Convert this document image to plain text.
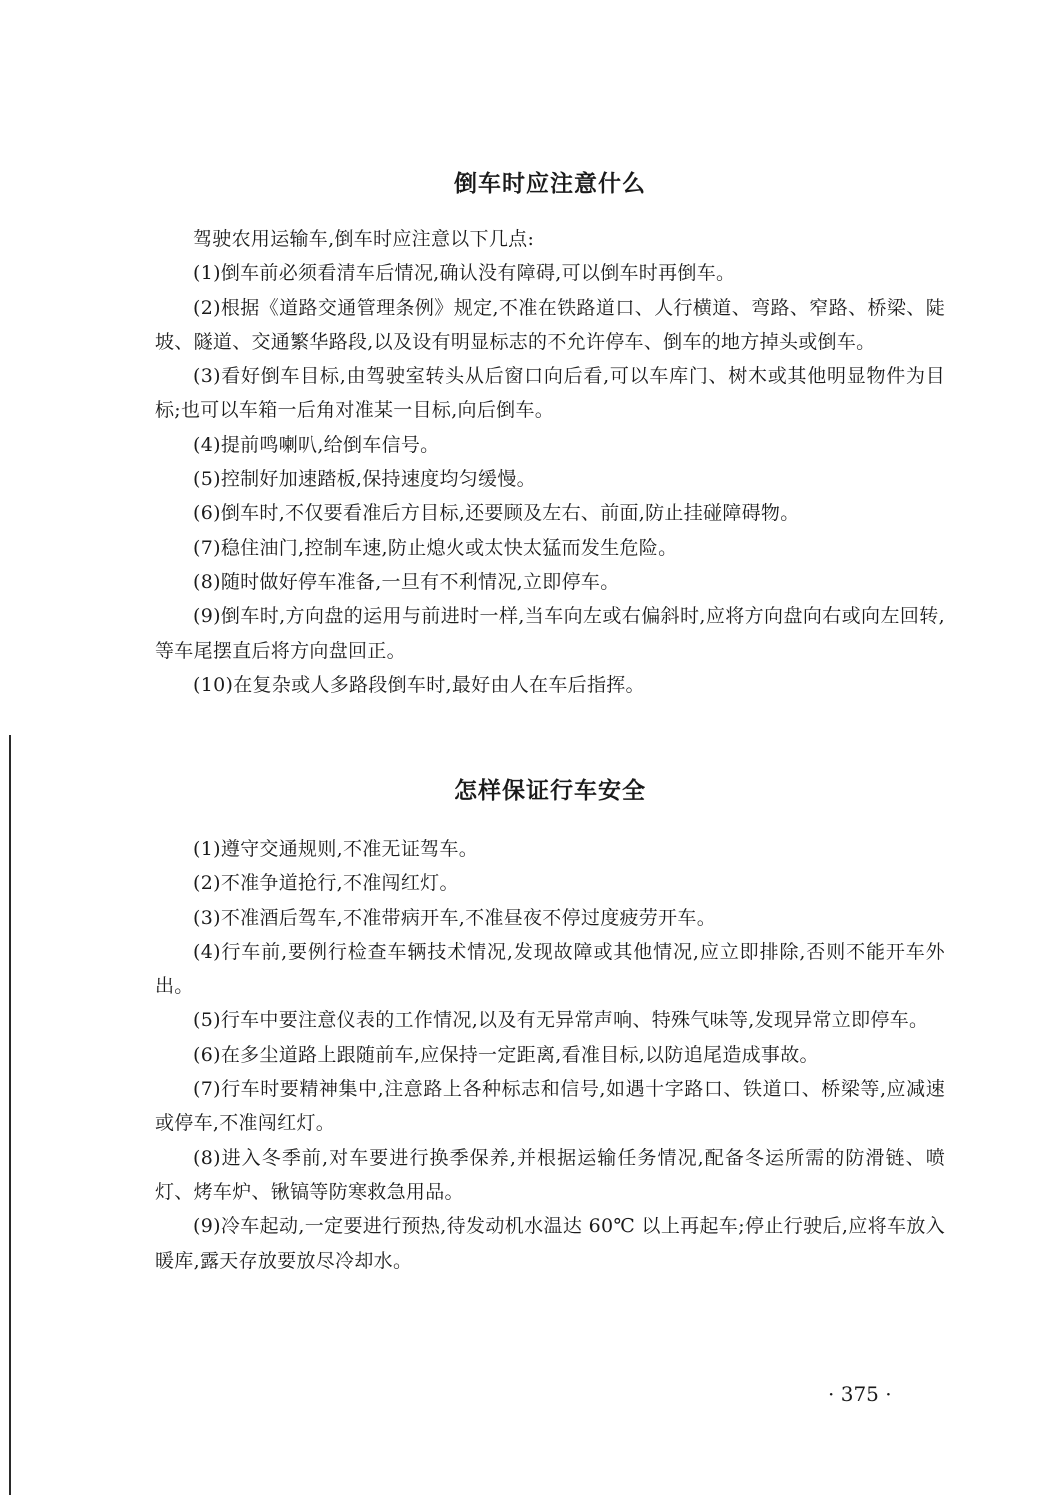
倒车时应注意什么

驾驶农用运输车,倒车时应注意以下几点:

(1)倒车前必须看清车后情况,确认没有障碍,可以倒车时再倒车。

(2)根据《道路交通管理条例》规定,不准在铁路道口、人行横道、弯路、窄路、桥梁、陡坡、隧道、交通繁华路段,以及设有明显标志的不允许停车、倒车的地方掉头或倒车。

(3)看好倒车目标,由驾驶室转头从后窗口向后看,可以车库门、树木或其他明显物件为目标;也可以车箱一后角对准某一目标,向后倒车。

(4)提前鸣喇叭,给倒车信号。

(5)控制好加速踏板,保持速度均匀缓慢。

(6)倒车时,不仅要看准后方目标,还要顾及左右、前面,防止挂碰障碍物。

(7)稳住油门,控制车速,防止熄火或太快太猛而发生危险。

(8)随时做好停车准备,一旦有不利情况,立即停车。

(9)倒车时,方向盘的运用与前进时一样,当车向左或右偏斜时,应将方向盘向右或向左回转,等车尾摆直后将方向盘回正。

(10)在复杂或人多路段倒车时,最好由人在车后指挥。

怎样保证行车安全

(1)遵守交通规则,不准无证驾车。

(2)不准争道抢行,不准闯红灯。

(3)不准酒后驾车,不准带病开车,不准昼夜不停过度疲劳开车。

(4)行车前,要例行检查车辆技术情况,发现故障或其他情况,应立即排除,否则不能开车外出。

(5)行车中要注意仪表的工作情况,以及有无异常声响、特殊气味等,发现异常立即停车。

(6)在多尘道路上跟随前车,应保持一定距离,看准目标,以防追尾造成事故。

(7)行车时要精神集中,注意路上各种标志和信号,如遇十字路口、铁道口、桥梁等,应减速或停车,不准闯红灯。

(8)进入冬季前,对车要进行换季保养,并根据运输任务情况,配备冬运所需的防滑链、喷灯、烤车炉、锹镐等防寒救急用品。

(9)冷车起动,一定要进行预热,待发动机水温达 60℃ 以上再起车;停止行驶后,应将车放入暖库,露天存放要放尽冷却水。

· 375 ·
